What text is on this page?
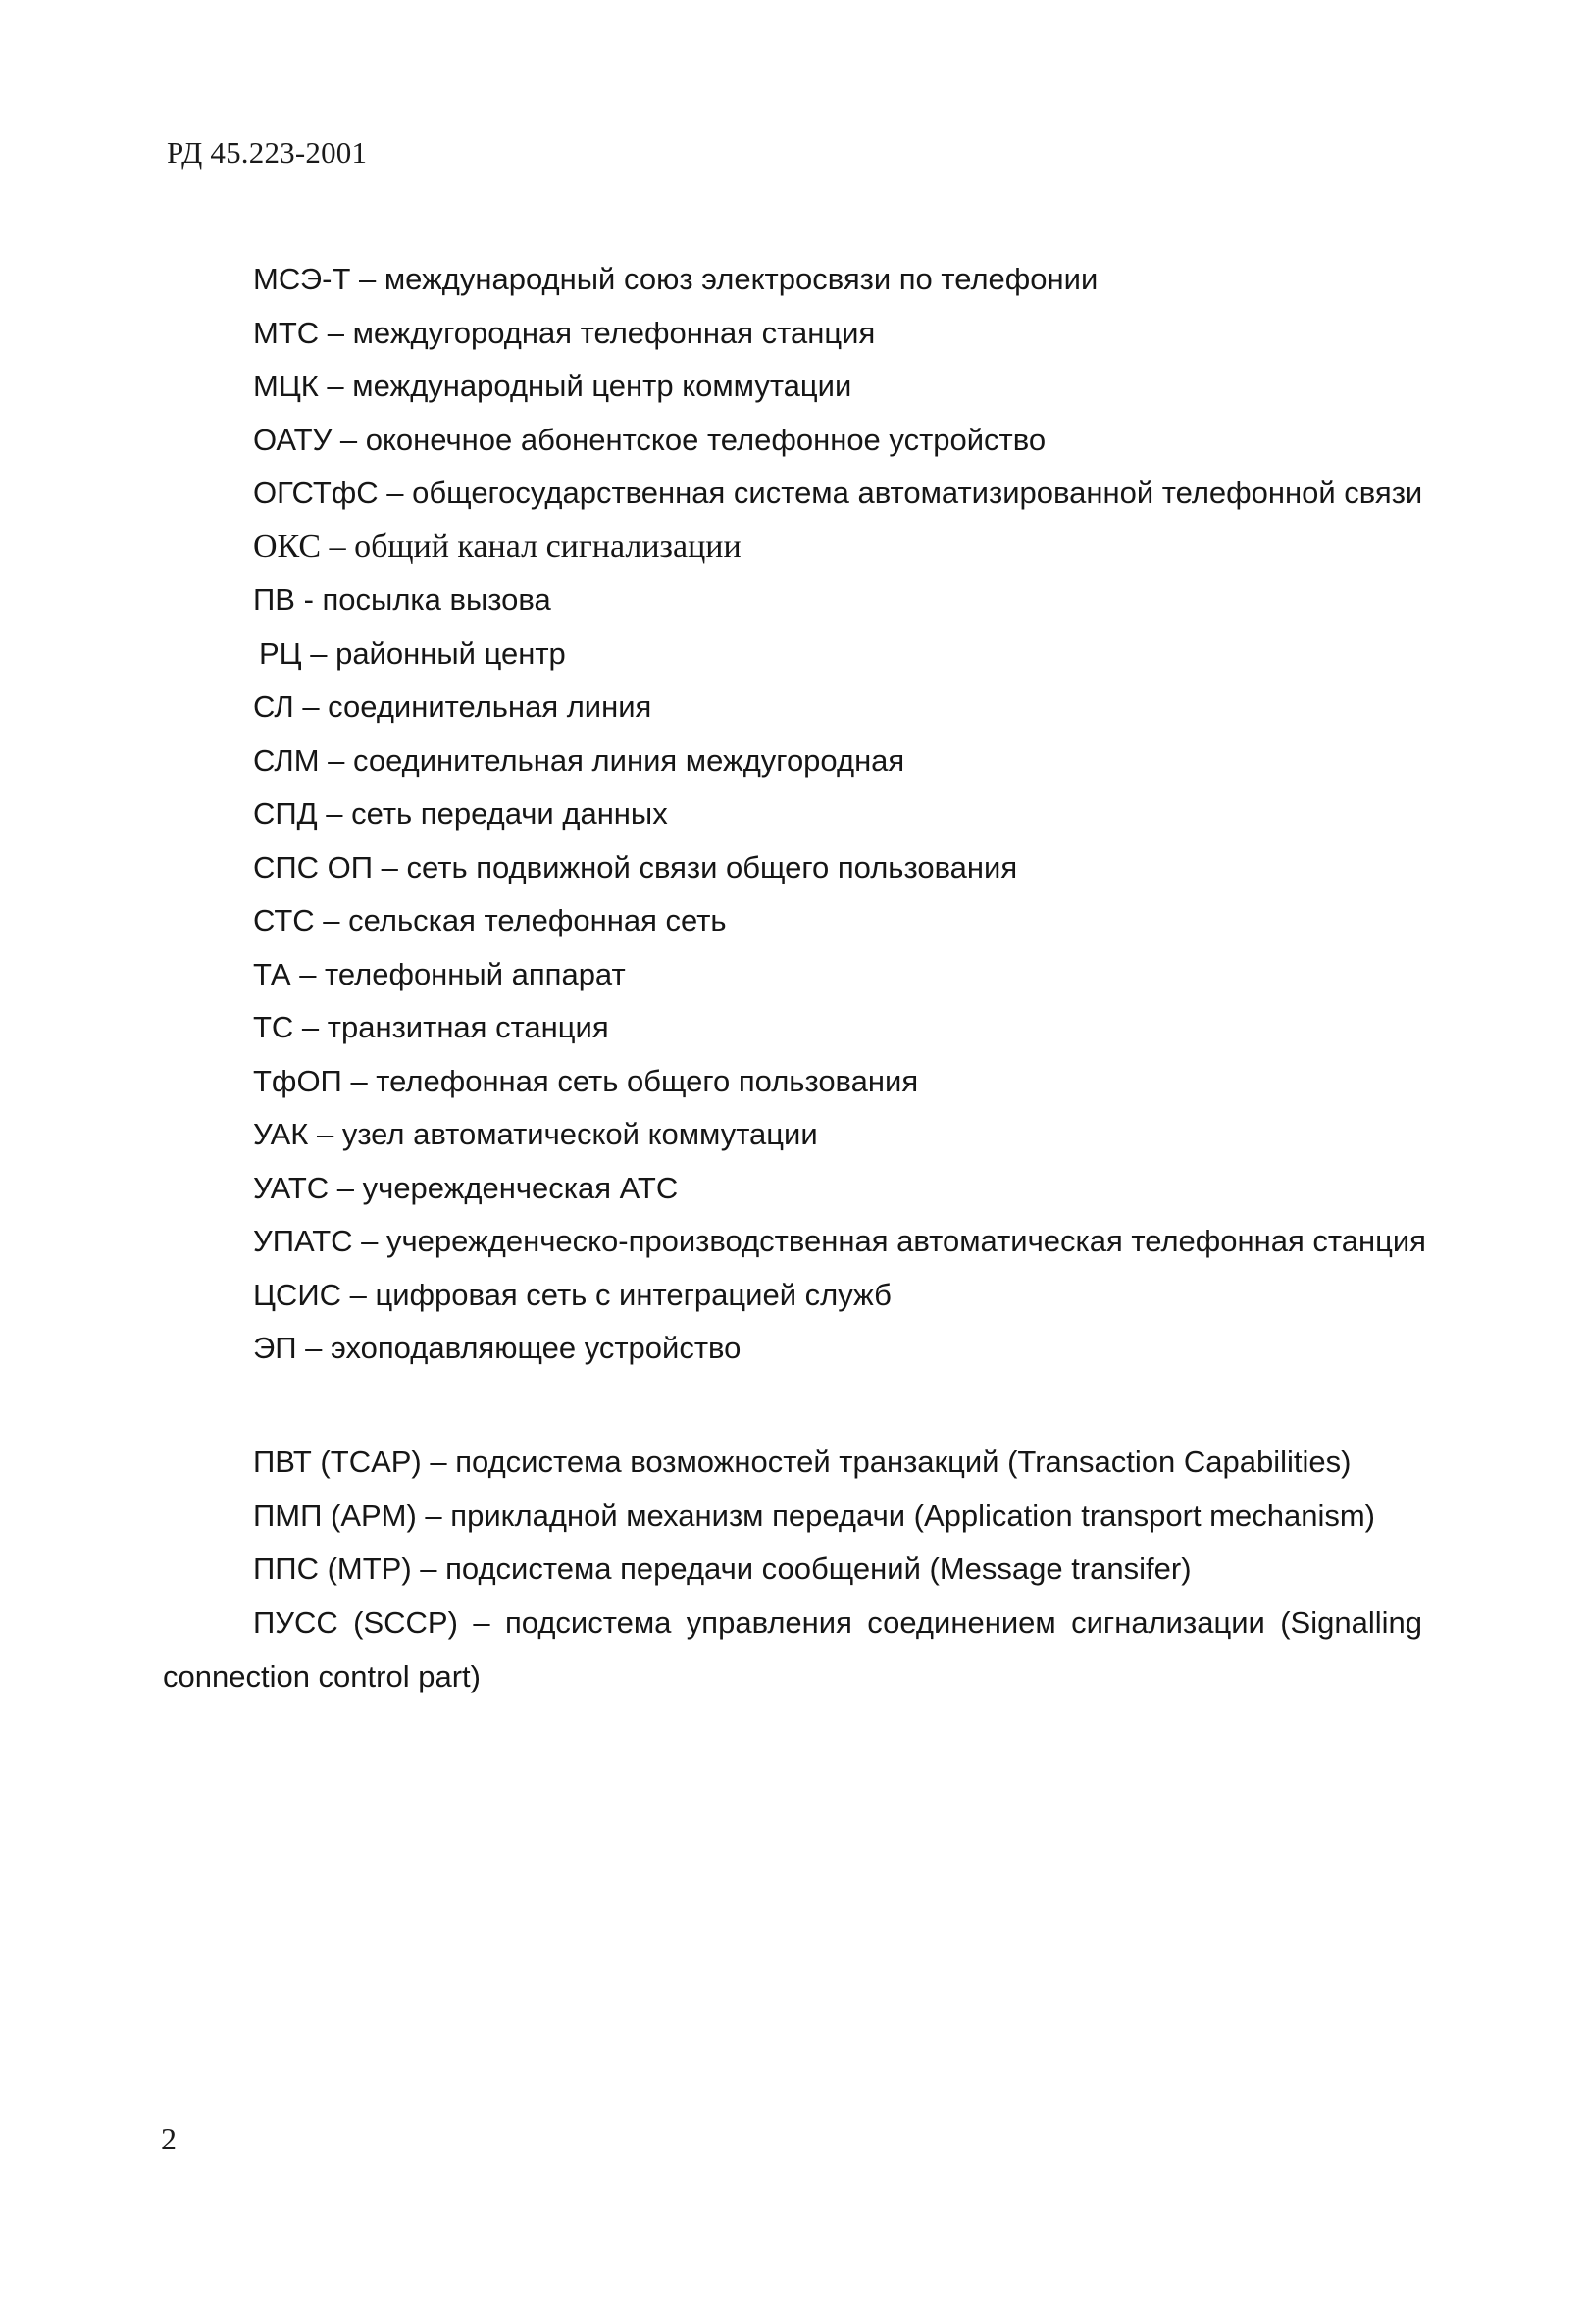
РД 45.223-2001
МСЭ-Т – международный союз электросвязи по телефонии
МТС – междугородная телефонная станция
МЦК – международный центр коммутации
ОАТУ – оконечное абонентское телефонное устройство
ОГСТфС – общегосударственная система автоматизированной телефонной связи
ОКС – общий канал сигнализации
ПВ - посылка вызова
РЦ – районный центр
СЛ – соединительная линия
СЛМ – соединительная линия междугородная
СПД – сеть передачи данных
СПС ОП – сеть подвижной связи общего пользования
СТС – сельская телефонная сеть
ТА – телефонный аппарат
ТС – транзитная станция
ТфОП – телефонная сеть общего пользования
УАК – узел автоматической коммутации
УАТС – учережденческая АТС
УПАТС – учережденческо-производственная автоматическая телефонная станция
ЦСИС – цифровая сеть с интеграцией служб
ЭП – эхоподавляющее устройство
ПВТ (TCAP) – подсистема возможностей транзакций (Transaction Capabilities)
ПМП (APM) – прикладной механизм передачи (Application transport mechanism)
ППС (MTP) – подсистема передачи сообщений (Message transifer)

ПУСС (SCCP) – подсистема управления соединением сигнализации (Signalling connection control part)

2
